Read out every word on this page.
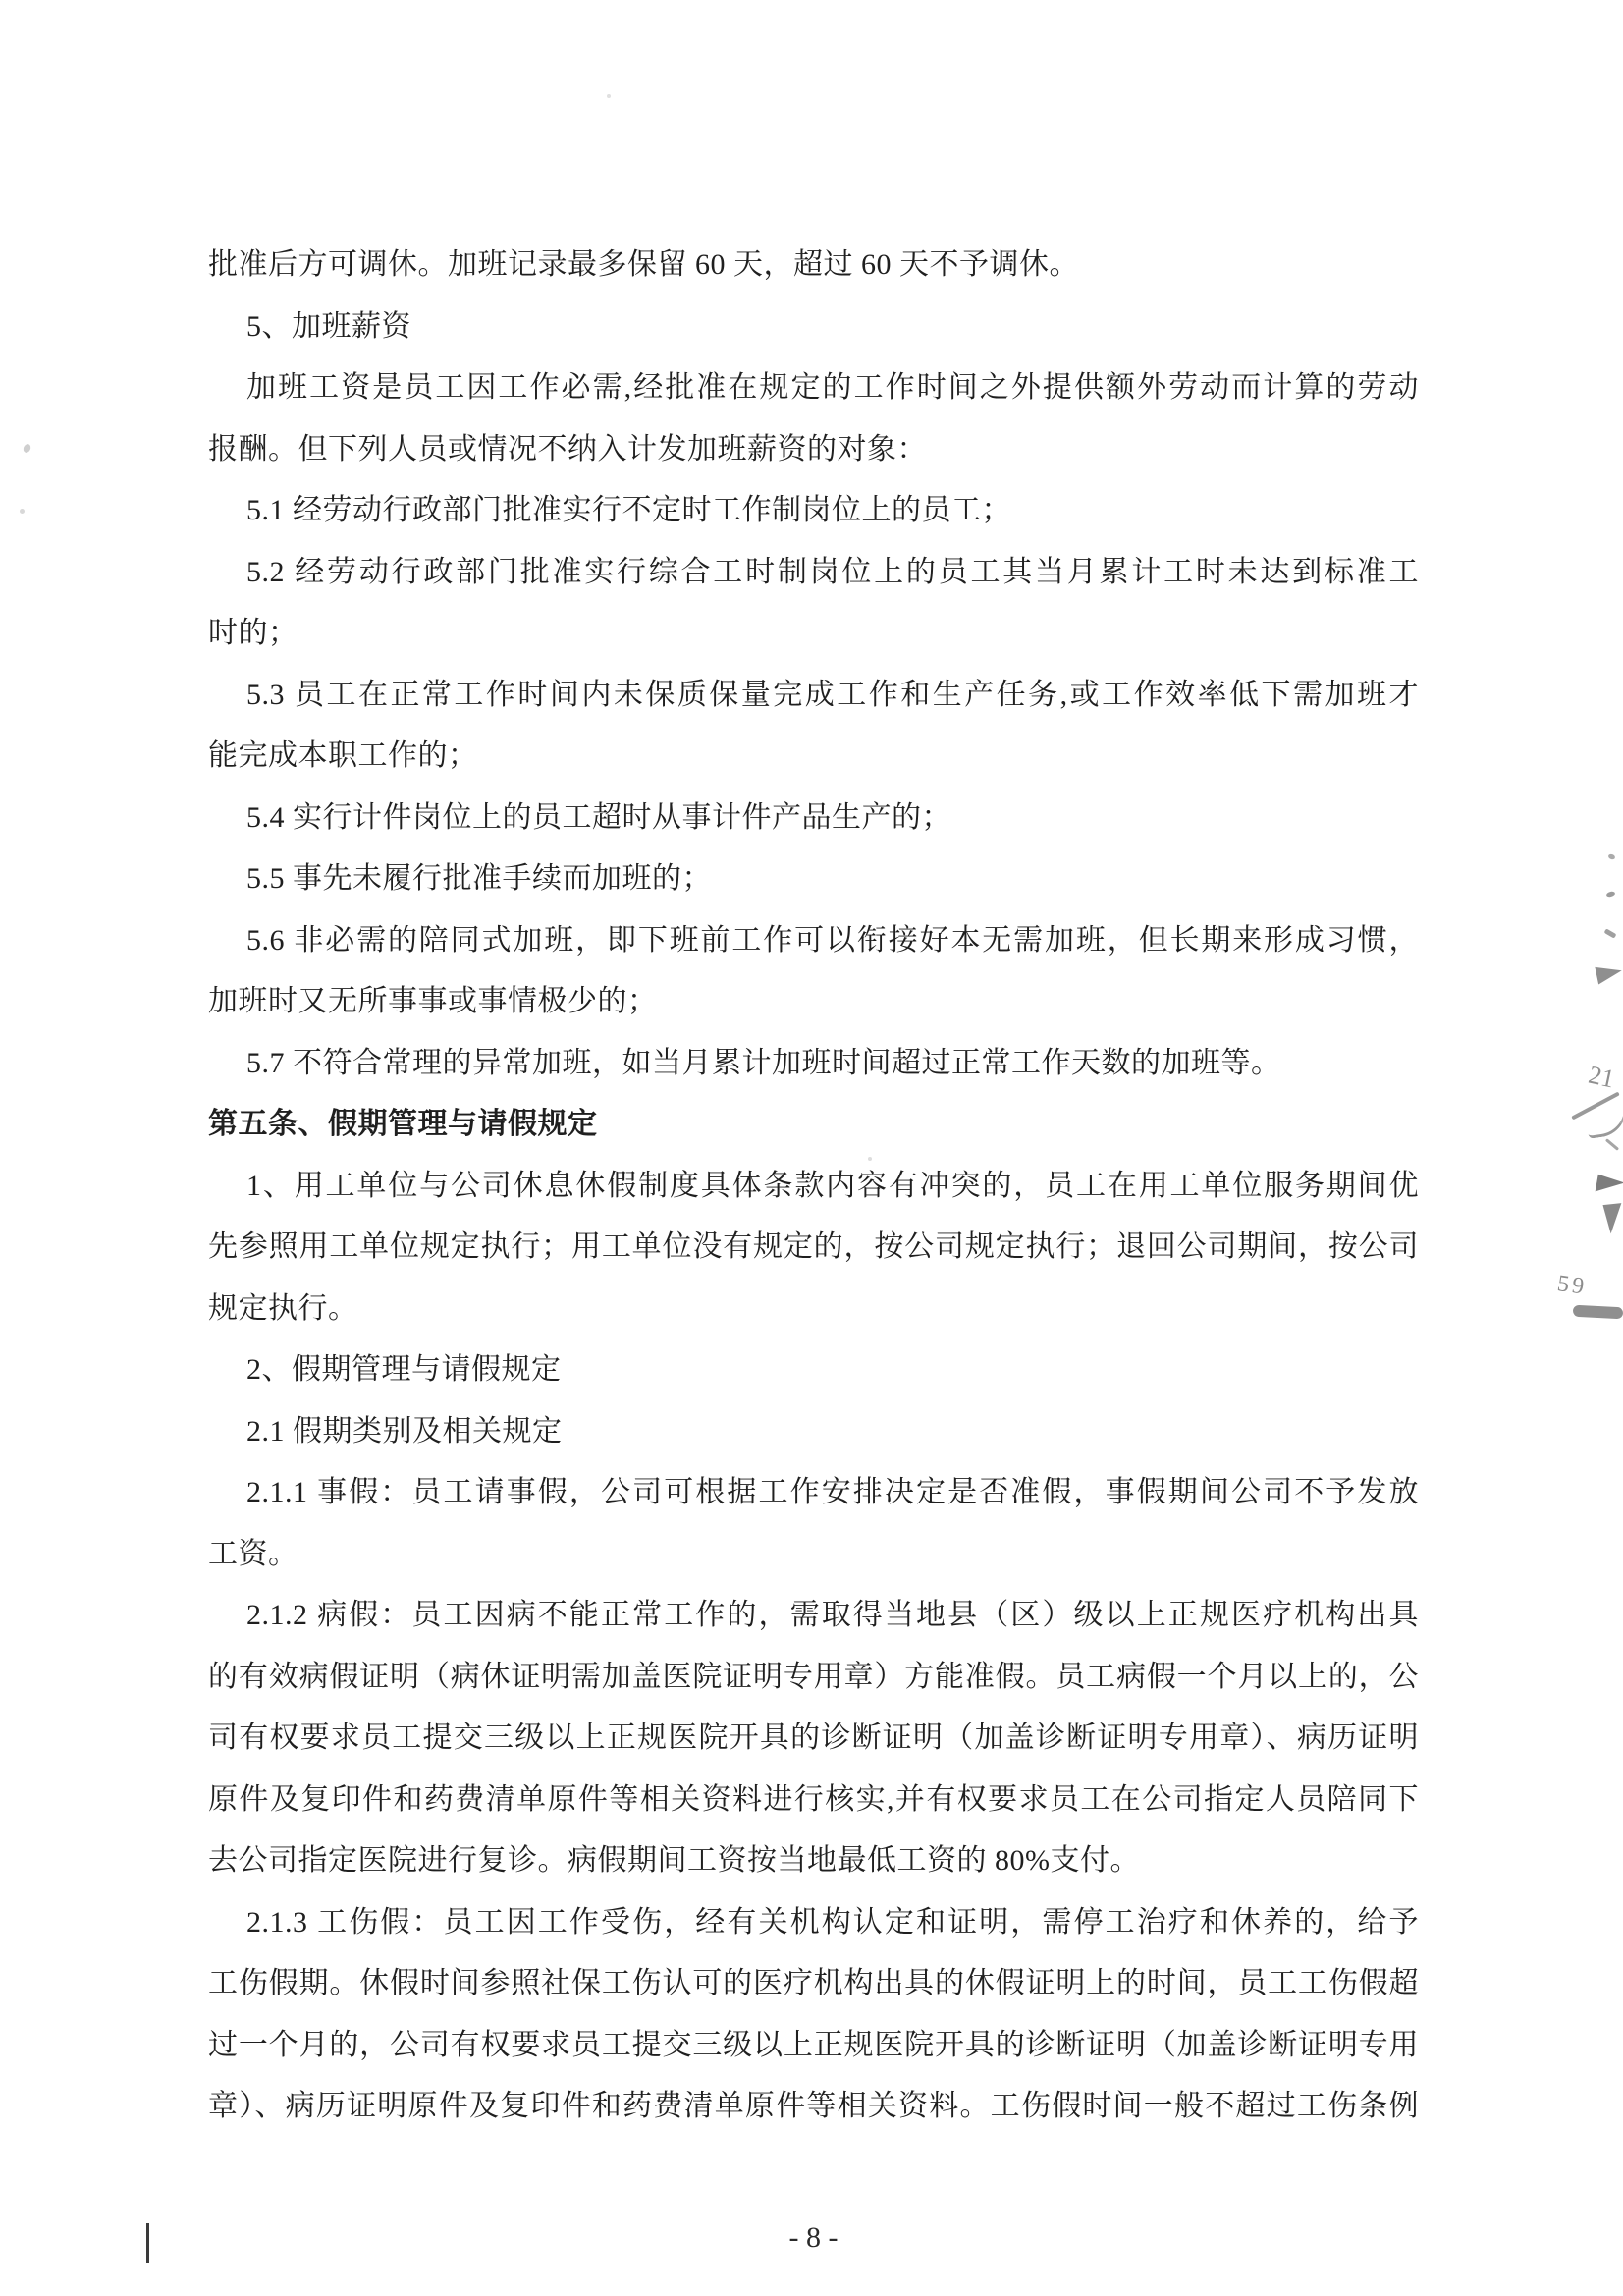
批准后方可调休。加班记录最多保留 60 天，超过 60 天不予调休。
5、加班薪资
加班工资是员工因工作必需,经批准在规定的工作时间之外提供额外劳动而计算的劳动
报酬。但下列人员或情况不纳入计发加班薪资的对象：
5.1 经劳动行政部门批准实行不定时工作制岗位上的员工；
5.2 经劳动行政部门批准实行综合工时制岗位上的员工其当月累计工时未达到标准工
时的；
5.3 员工在正常工作时间内未保质保量完成工作和生产任务,或工作效率低下需加班才
能完成本职工作的；
5.4 实行计件岗位上的员工超时从事计件产品生产的；
5.5 事先未履行批准手续而加班的；
5.6 非必需的陪同式加班，即下班前工作可以衔接好本无需加班，但长期来形成习惯，
加班时又无所事事或事情极少的；
5.7 不符合常理的异常加班，如当月累计加班时间超过正常工作天数的加班等。
第五条、假期管理与请假规定
1、用工单位与公司休息休假制度具体条款内容有冲突的，员工在用工单位服务期间优
先参照用工单位规定执行；用工单位没有规定的，按公司规定执行；退回公司期间，按公司
规定执行。
2、假期管理与请假规定
2.1 假期类别及相关规定
2.1.1 事假：员工请事假，公司可根据工作安排决定是否准假，事假期间公司不予发放
工资。
2.1.2 病假：员工因病不能正常工作的，需取得当地县（区）级以上正规医疗机构出具
的有效病假证明（病休证明需加盖医院证明专用章）方能准假。员工病假一个月以上的，公
司有权要求员工提交三级以上正规医院开具的诊断证明（加盖诊断证明专用章）、病历证明
原件及复印件和药费清单原件等相关资料进行核实,并有权要求员工在公司指定人员陪同下
去公司指定医院进行复诊。病假期间工资按当地最低工资的 80%支付。
2.1.3 工伤假：员工因工作受伤，经有关机构认定和证明，需停工治疗和休养的，给予
工伤假期。休假时间参照社保工伤认可的医疗机构出具的休假证明上的时间，员工工伤假超
过一个月的，公司有权要求员工提交三级以上正规医院开具的诊断证明（加盖诊断证明专用
章）、病历证明原件及复印件和药费清单原件等相关资料。工伤假时间一般不超过工伤条例
- 8 -
21
59
